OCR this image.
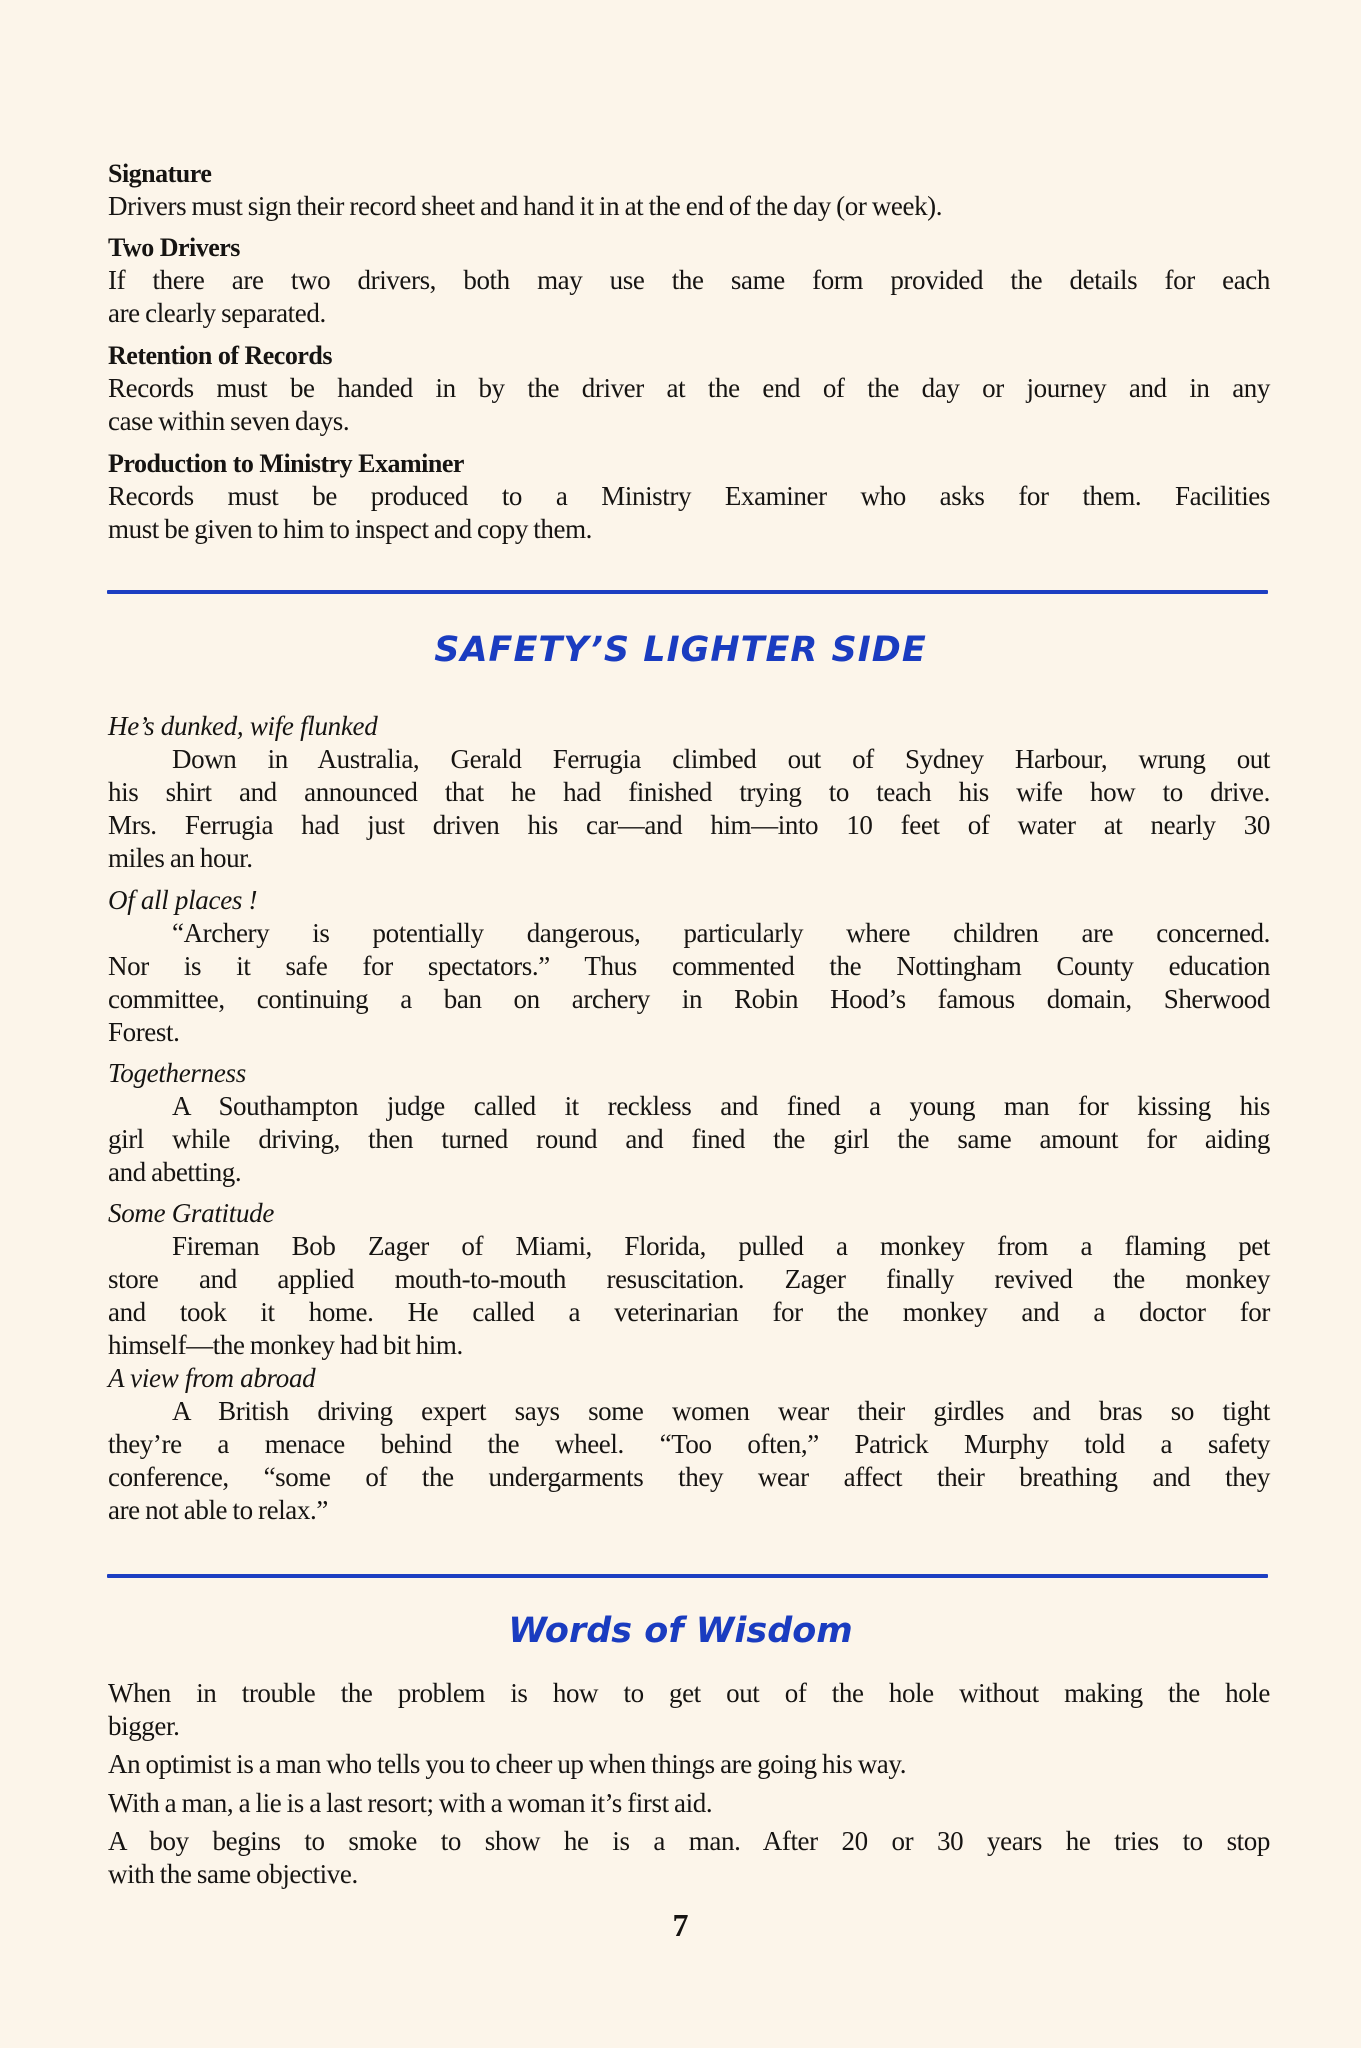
Signature
Drivers must sign their record sheet and hand it in at the end of the day (or week).
Two Drivers
If there are two drivers, both may use the same form provided the details for each
are clearly separated.
Retention of Records
Records must be handed in by the driver at the end of the day or journey and in any
case within seven days.
Production to Ministry Examiner
Records must be produced to a Ministry Examiner who asks for them. Facilities
must be given to him to inspect and copy them.
He’s dunked, wife flunked
Down in Australia, Gerald Ferrugia climbed out of Sydney Harbour, wrung out
his shirt and announced that he had finished trying to teach his wife how to drive.
Mrs. Ferrugia had just driven his car—and him—into 10 feet of water at nearly 30
miles an hour.
Of all places !
“Archery is potentially dangerous, particularly where children are concerned.
Nor is it safe for spectators.” Thus commented the Nottingham County education
committee, continuing a ban on archery in Robin Hood’s famous domain, Sherwood
Forest.
Togetherness
A Southampton judge called it reckless and fined a young man for kissing his
girl while driving, then turned round and fined the girl the same amount for aiding
and abetting.
Some Gratitude
Fireman Bob Zager of Miami, Florida, pulled a monkey from a flaming pet
store and applied mouth-to-mouth resuscitation. Zager finally revived the monkey
and took it home. He called a veterinarian for the monkey and a doctor for
himself—the monkey had bit him.
A view from abroad
A British driving expert says some women wear their girdles and bras so tight
they’re a menace behind the wheel. “Too often,” Patrick Murphy told a safety
conference, “some of the undergarments they wear affect their breathing and they
are not able to relax.”
When in trouble the problem is how to get out of the hole without making the hole
bigger.
An optimist is a man who tells you to cheer up when things are going his way.
With a man, a lie is a last resort; with a woman it’s first aid.
A boy begins to smoke to show he is a man. After 20 or 30 years he tries to stop
with the same objective.
SAFETY’S LIGHTER SIDE
Words of Wisdom
7
